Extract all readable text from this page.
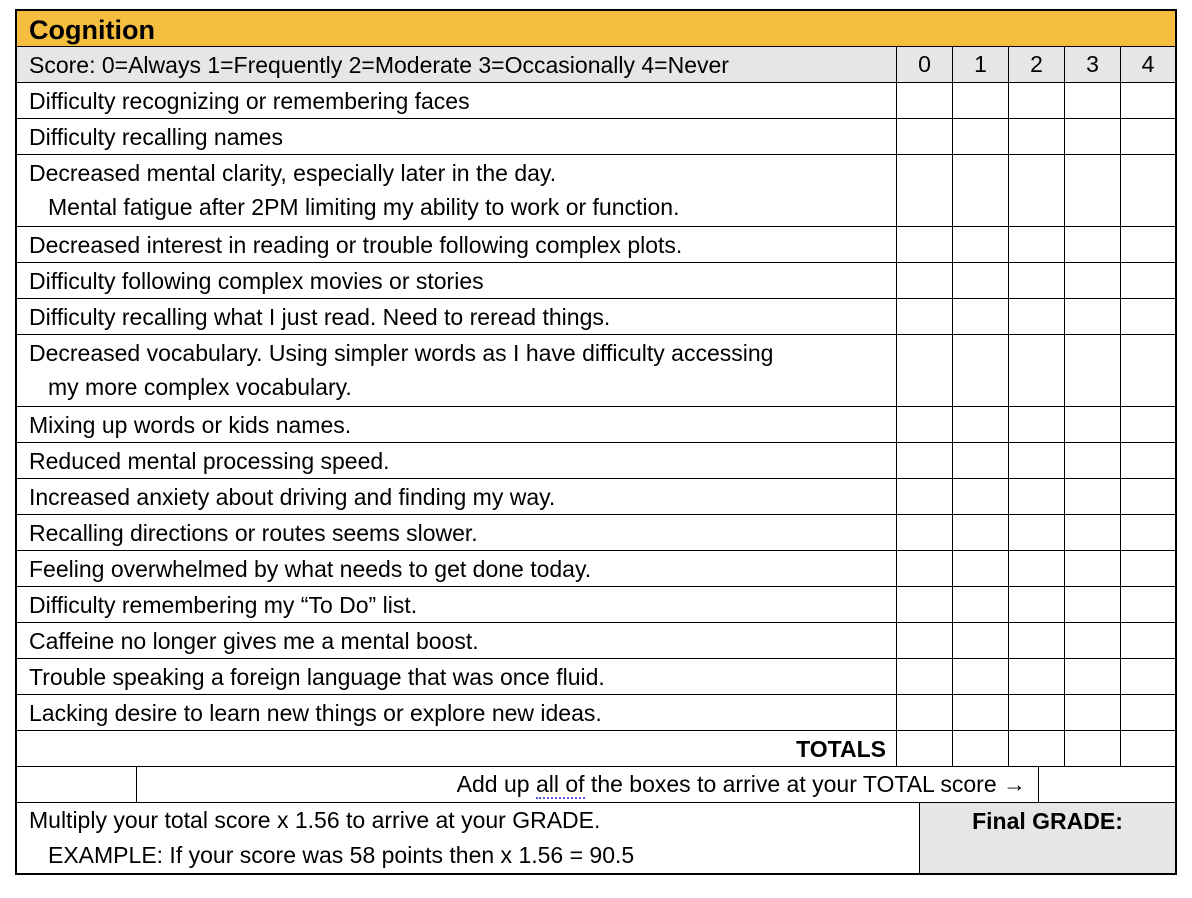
Cognition
Score: 0=Always 1=Frequently 2=Moderate 3=Occasionally 4=Never	0	1	2	3	4
Difficulty recognizing or remembering faces
Difficulty recalling names
Decreased mental clarity, especially later in the day.
Mental fatigue after 2PM limiting my ability to work or function.
Decreased interest in reading or trouble following complex plots.
Difficulty following complex movies or stories
Difficulty recalling what I just read. Need to reread things.
Decreased vocabulary. Using simpler words as I have difficulty accessing
my more complex vocabulary.
Mixing up words or kids names.
Reduced mental processing speed.
Increased anxiety about driving and finding my way.
Recalling directions or routes seems slower.
Feeling overwhelmed by what needs to get done today.
Difficulty remembering my “To Do” list.
Caffeine no longer gives me a mental boost.
Trouble speaking a foreign language that was once fluid.
Lacking desire to learn new things or explore new ideas.
TOTALS
Add up all of the boxes to arrive at your TOTAL score →
Multiply your total score x 1.56 to arrive at your GRADE.
EXAMPLE: If your score was 58 points then x 1.56 = 90.5
Final GRADE:
